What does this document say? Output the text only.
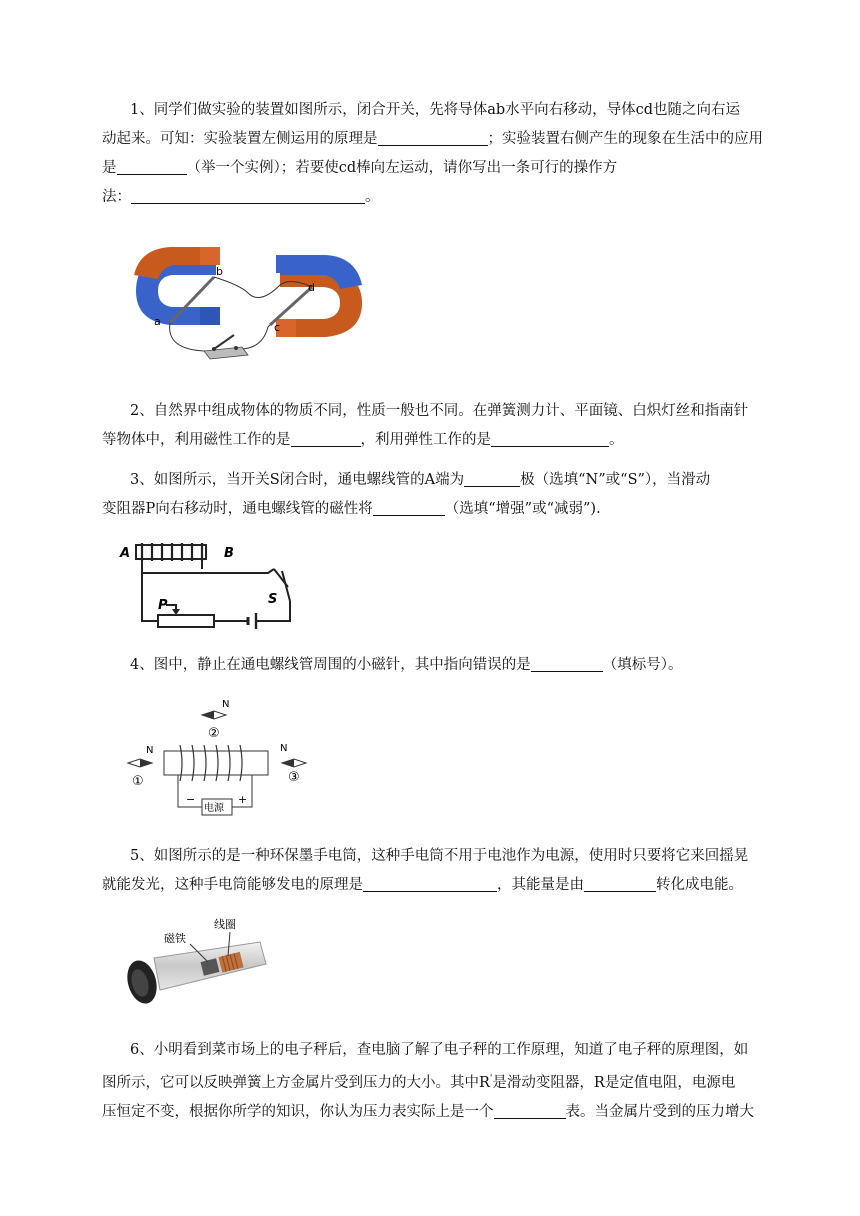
1、同学们做实验的装置如图所示，闭合开关，先将导体ab水平向右移动，导体cd也随之向右运
动起来。可知：实验装置左侧运用的原理是	；实验装置右侧产生的现象在生活中的应用
是	（举一个实例）；若要使cd棒向左运动，请你写出一条可行的操作方
法：	。
a
b
c
d
2、自然界中组成物体的物质不同，性质一般也不同。在弹簧测力计、平面镜、白炽灯丝和指南针
等物体中，利用磁性工作的是	，利用弹性工作的是	。
3、如图所示，当开关S闭合时，通电螺线管的A端为	极（选填“N”或“S”），当滑动
变阻器P向右移动时，通电螺线管的磁性将	（选填“增强”或“减弱”).
A	B
P	S
4、图中，静止在通电螺线管周围的小磁针，其中指向错误的是	（填标号）。
N
②
电源
−	+
N
①
N
③
5、如图所示的是一种环保墨手电筒，这种手电筒不用于电池作为电源，使用时只要将它来回摇晃
就能发光，这种手电筒能够发电的原理是	，其能量是由	转化成电能。
磁铁
线圈
6、小明看到菜市场上的电子秤后，查电脑了解了电子秤的工作原理，知道了电子秤的原理图，如
图所示，它可以反映弹簧上方金属片受到压力的大小。其中R'是滑动变阻器，R是定值电阻，电源电
压恒定不变，根据你所学的知识，你认为压力表实际上是一个	表。当金属片受到的压力增大
